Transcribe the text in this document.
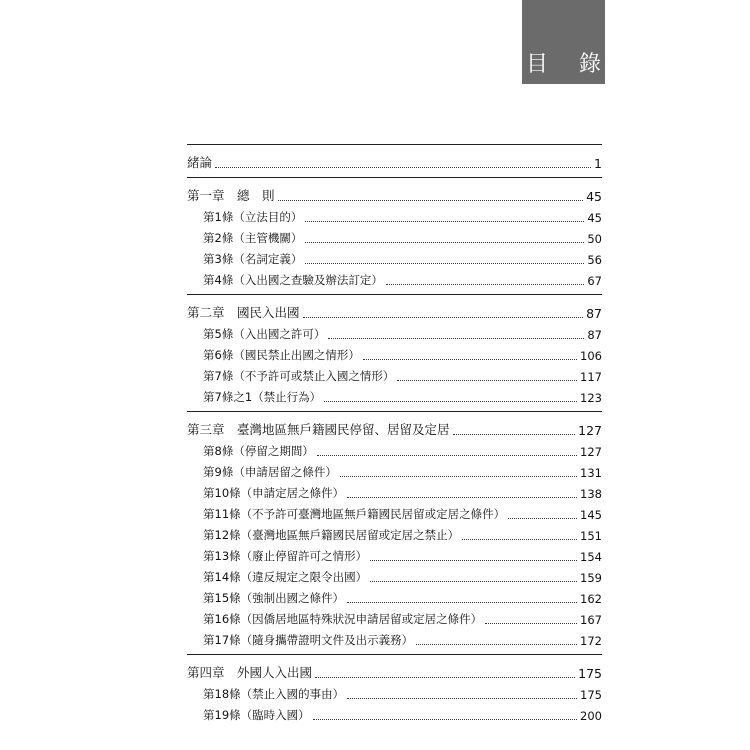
目 錄
緒論	1
第一章　總　則	45
第1條（立法目的）	45
第2條（主管機關）	50
第3條（名詞定義）	56
第4條（入出國之查驗及辦法訂定）	67
第二章　國民入出國	87
第5條（入出國之許可）	87
第6條（國民禁止出國之情形）	106
第7條（不予許可或禁止入國之情形）	117
第7條之1（禁止行為）	123
第三章　臺灣地區無戶籍國民停留、居留及定居	127
第8條（停留之期間）	127
第9條（申請居留之條件）	131
第10條（申請定居之條件）	138
第11條（不予許可臺灣地區無戶籍國民居留或定居之條件）	145
第12條（臺灣地區無戶籍國民居留或定居之禁止）	151
第13條（廢止停留許可之情形）	154
第14條（違反規定之限令出國）	159
第15條（強制出國之條件）	162
第16條（因僑居地區特殊狀況申請居留或定居之條件）	167
第17條（隨身攜帶證明文件及出示義務）	172
第四章　外國人入出國	175
第18條（禁止入國的事由）	175
第19條（臨時入國）	200
